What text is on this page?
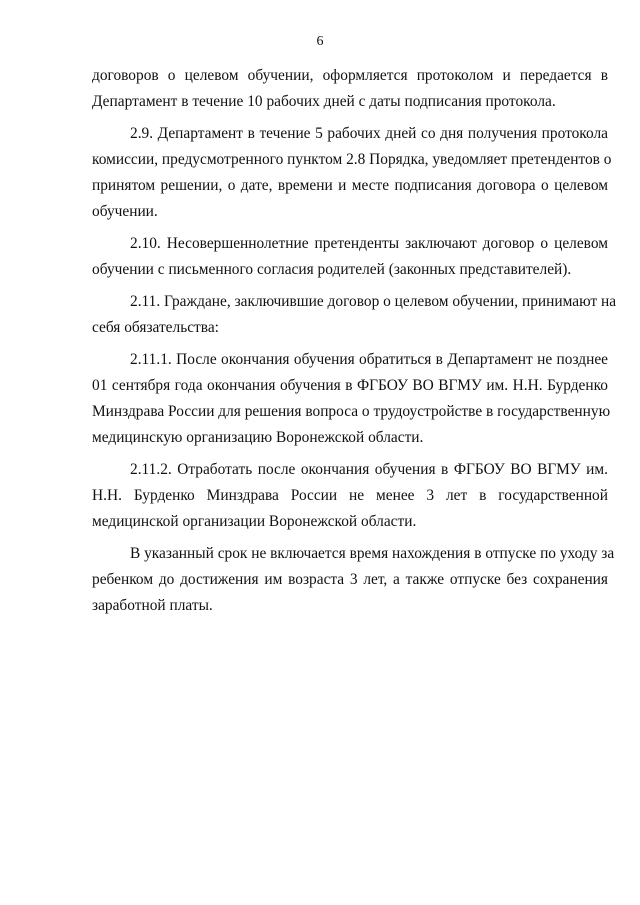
6
договоров о целевом обучении, оформляется протоколом и передается в
Департамент в течение 10 рабочих дней с даты подписания протокола.
2.9. Департамент в течение 5 рабочих дней со дня получения протокола
комиссии, предусмотренного пунктом 2.8 Порядка, уведомляет претендентов о
принятом решении, о дате, времени и месте подписания договора о целевом
обучении.
2.10. Несовершеннолетние претенденты заключают договор о целевом
обучении с письменного согласия родителей (законных представителей).
2.11. Граждане, заключившие договор о целевом обучении, принимают на
себя обязательства:
2.11.1. После окончания обучения обратиться в Департамент не позднее
01 сентября года окончания обучения в ФГБОУ ВО ВГМУ им. Н.Н. Бурденко
Минздрава России для решения вопроса о трудоустройстве в государственную
медицинскую организацию Воронежской области.
2.11.2. Отработать после окончания обучения в ФГБОУ ВО ВГМУ им.
Н.Н. Бурденко Минздрава России не менее 3 лет в государственной
медицинской организации Воронежской области.
В указанный срок не включается время нахождения в отпуске по уходу за
ребенком до достижения им возраста 3 лет, а также отпуске без сохранения
заработной платы.
